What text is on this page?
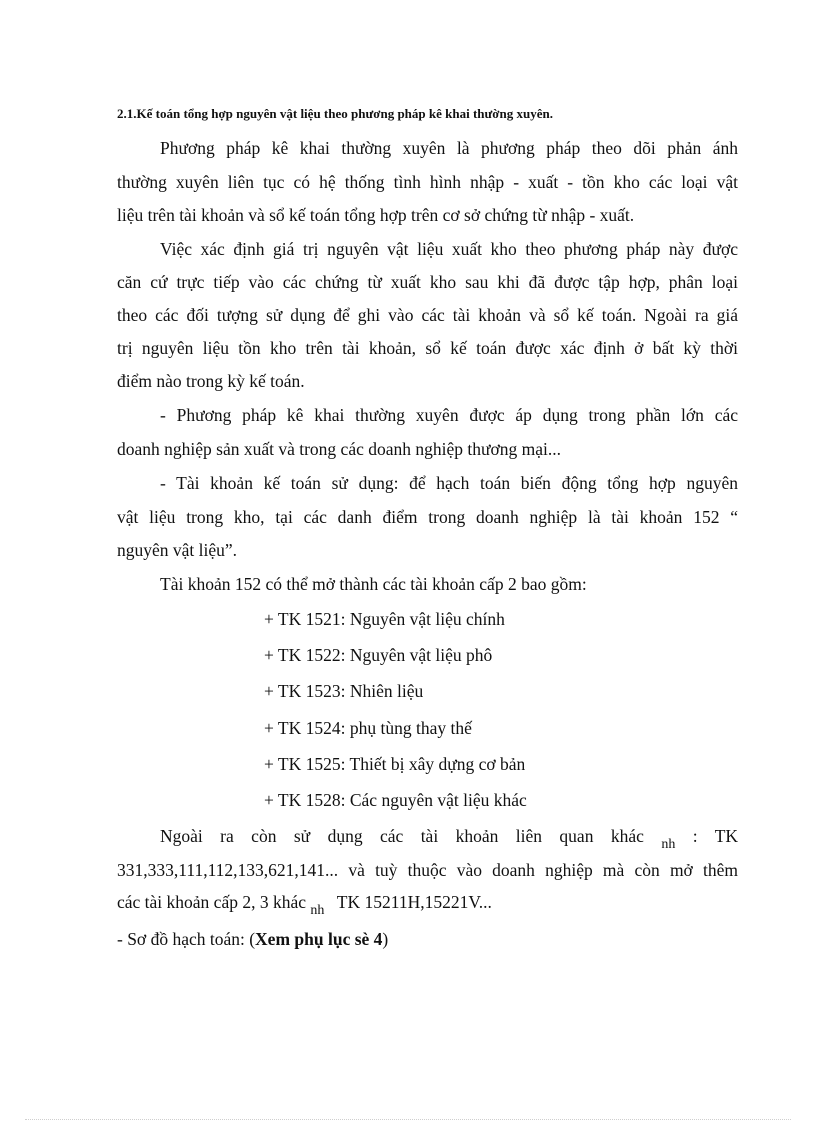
2.1.Kế toán tổng hợp nguyên vật liệu theo phương pháp kê khai thường xuyên.
Phương pháp kê khai thường xuyên là phương pháp theo dõi phản ánh
thường xuyên liên tục có hệ thống tình hình nhập - xuất - tồn kho các loại vật
liệu trên tài khoản và sổ kế toán tổng hợp trên cơ sở chứng từ nhập - xuất.
Việc xác định giá trị nguyên vật liệu xuất kho theo phương pháp này được
căn cứ trực tiếp vào các chứng từ xuất kho sau khi đã được tập hợp, phân loại
theo các đối tượng sử dụng để ghi vào các tài khoản và sổ kế toán. Ngoài ra giá
trị nguyên liệu tồn kho trên tài khoản, sổ kế toán được xác định ở bất kỳ thời
điểm nào trong kỳ kế toán.
- Phương pháp kê khai thường xuyên được áp dụng trong phần lớn các
doanh nghiệp sản xuất và trong các doanh nghiệp thương mại...
- Tài khoản kế toán sử dụng: để hạch toán biến động tổng hợp nguyên
vật liệu trong kho, tại các danh điểm trong doanh nghiệp là tài khoản 152 “
nguyên vật liệu”.
Tài khoản 152 có thể mở thành các tài khoản cấp 2 bao gồm:
+ TK 1521: Nguyên vật liệu chính
+ TK 1522: Nguyên vật liệu phô
+ TK 1523: Nhiên liệu
+ TK 1524: phụ tùng thay thế
+ TK 1525: Thiết bị xây dựng cơ bản
+ TK 1528: Các nguyên vật liệu khác
Ngoài ra còn sử dụng các tài khoản liên quan khác $_{nh}$ : TK
331,333,111,112,133,621,141... và tuỳ thuộc vào doanh nghiệp mà còn mở thêm
các tài khoản cấp 2, 3 khác $_{nh}$ TK 15211H,15221V...
- Sơ đồ hạch toán: (Xem phụ lục sè 4)
